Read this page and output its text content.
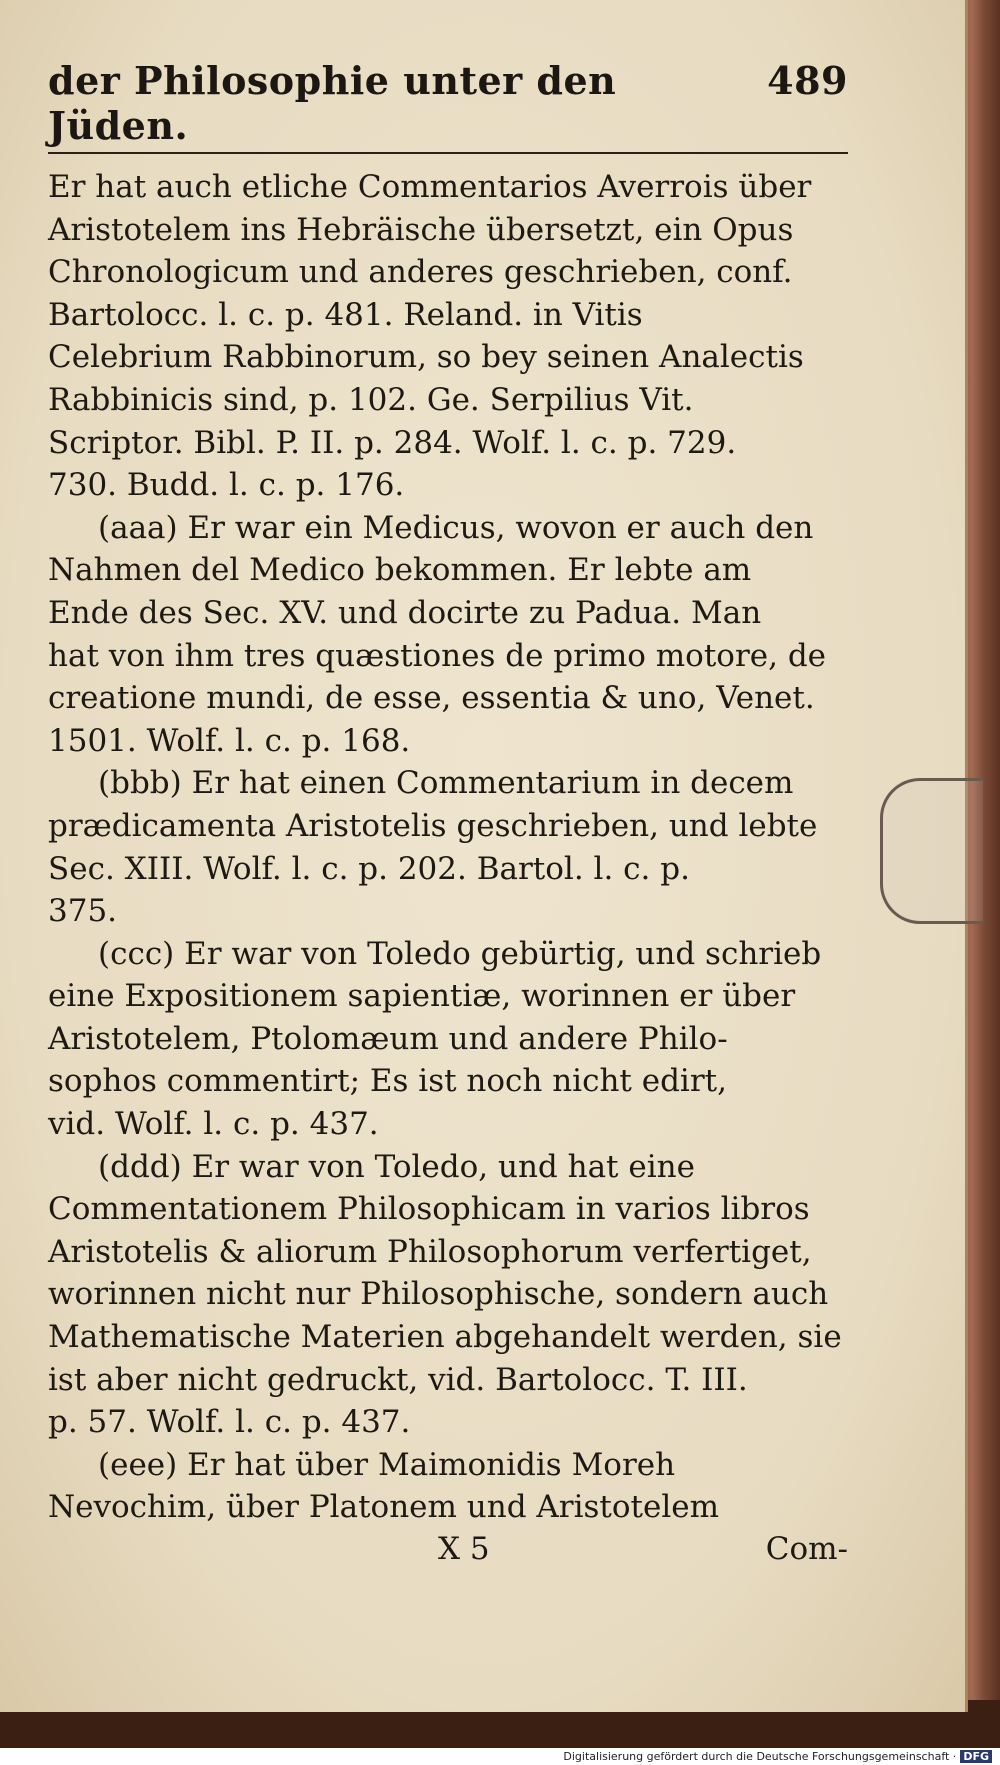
der Philosophie unter den Jüden.
489
Er hat auch etliche Commentarios Averrois über
Aristotelem ins Hebräische übersetzt, ein Opus
Chronologicum und anderes geschrieben, conf.
Bartolocc. l. c. p. 481. Reland. in Vitis
Celebrium Rabbinorum, so bey seinen Analectis
Rabbinicis sind, p. 102. Ge. Serpilius Vit.
Scriptor. Bibl. P. II. p. 284. Wolf. l. c. p. 729.
730. Budd. l. c. p. 176.
(aaa) Er war ein Medicus, wovon er auch den
Nahmen del Medico bekommen. Er lebte am
Ende des Sec. XV. und docirte zu Padua. Man
hat von ihm tres quæstiones de primo motore, de
creatione mundi, de esse, essentia & uno, Venet.
1501. Wolf. l. c. p. 168.
(bbb) Er hat einen Commentarium in decem
prædicamenta Aristotelis geschrieben, und lebte
Sec. XIII. Wolf. l. c. p. 202. Bartol. l. c. p.
375.
(ccc) Er war von Toledo gebürtig, und schrieb
eine Expositionem sapientiæ, worinnen er über
Aristotelem, Ptolomæum und andere Philo-
sophos commentirt; Es ist noch nicht edirt,
vid. Wolf. l. c. p. 437.
(ddd) Er war von Toledo, und hat eine
Commentationem Philosophicam in varios libros
Aristotelis & aliorum Philosophorum verfertiget,
worinnen nicht nur Philosophische, sondern auch
Mathematische Materien abgehandelt werden, sie
ist aber nicht gedruckt, vid. Bartolocc. T. III.
p. 57. Wolf. l. c. p. 437.
(eee) Er hat über Maimonidis Moreh
Nevochim, über Platonem und Aristotelem
X 5	Com-
Digitalisierung gefördert durch die Deutsche Forschungsgemeinschaft · DFG
